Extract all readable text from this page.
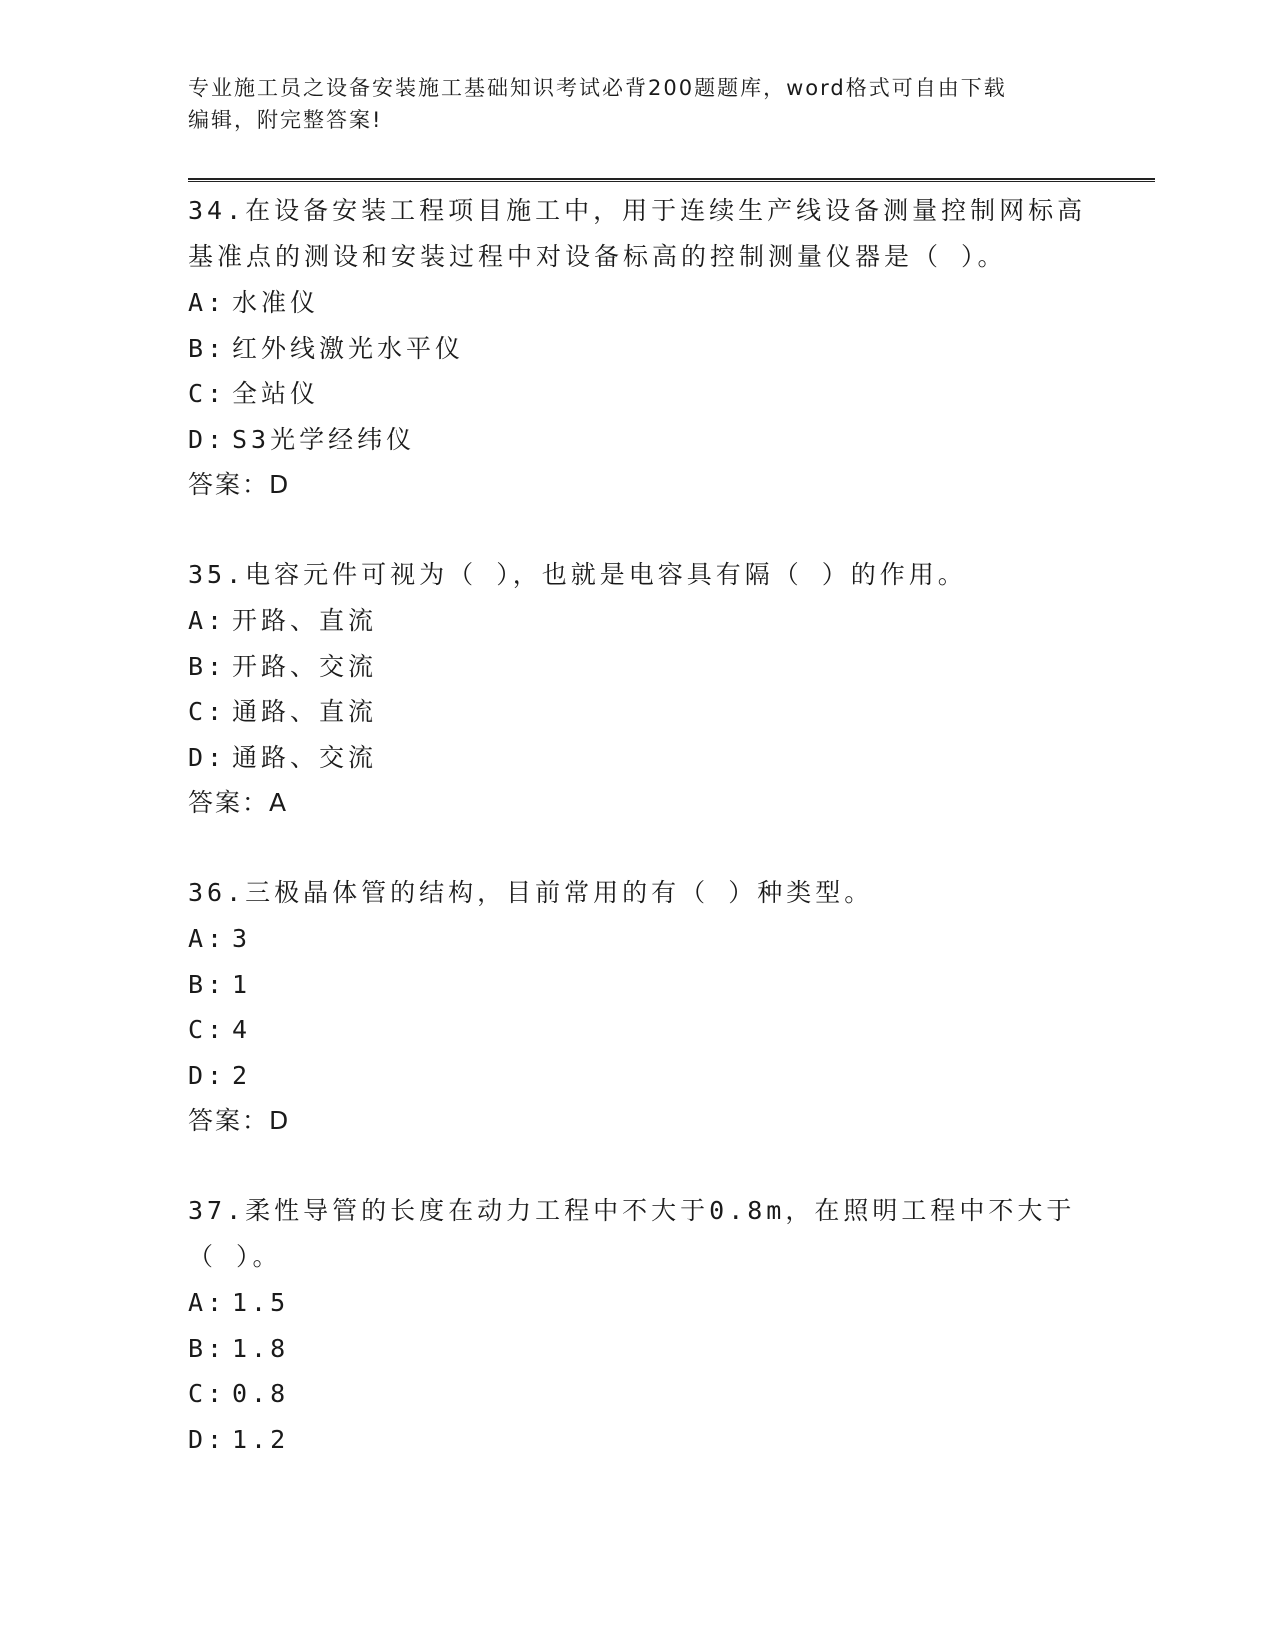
专业施工员之设备安装施工基础知识考试必背200题题库，word格式可自由下载
编辑，附完整答案!
34.在设备安装工程项目施工中，用于连续生产线设备测量控制网标高基准点的测设和安装过程中对设备标高的控制测量仪器是（ ）。
A: 水准仪
B: 红外线激光水平仪
C: 全站仪
D: S3光学经纬仪
答案：D
35.电容元件可视为（ ），也就是电容具有隔（ ）的作用。
A: 开路、直流
B: 开路、交流
C: 通路、直流
D: 通路、交流
答案：A
36.三极晶体管的结构，目前常用的有（ ）种类型。
A: 3
B: 1
C: 4
D: 2
答案：D
37.柔性导管的长度在动力工程中不大于0.8m，在照明工程中不大于（ ）。
A: 1.5
B: 1.8
C: 0.8
D: 1.2
